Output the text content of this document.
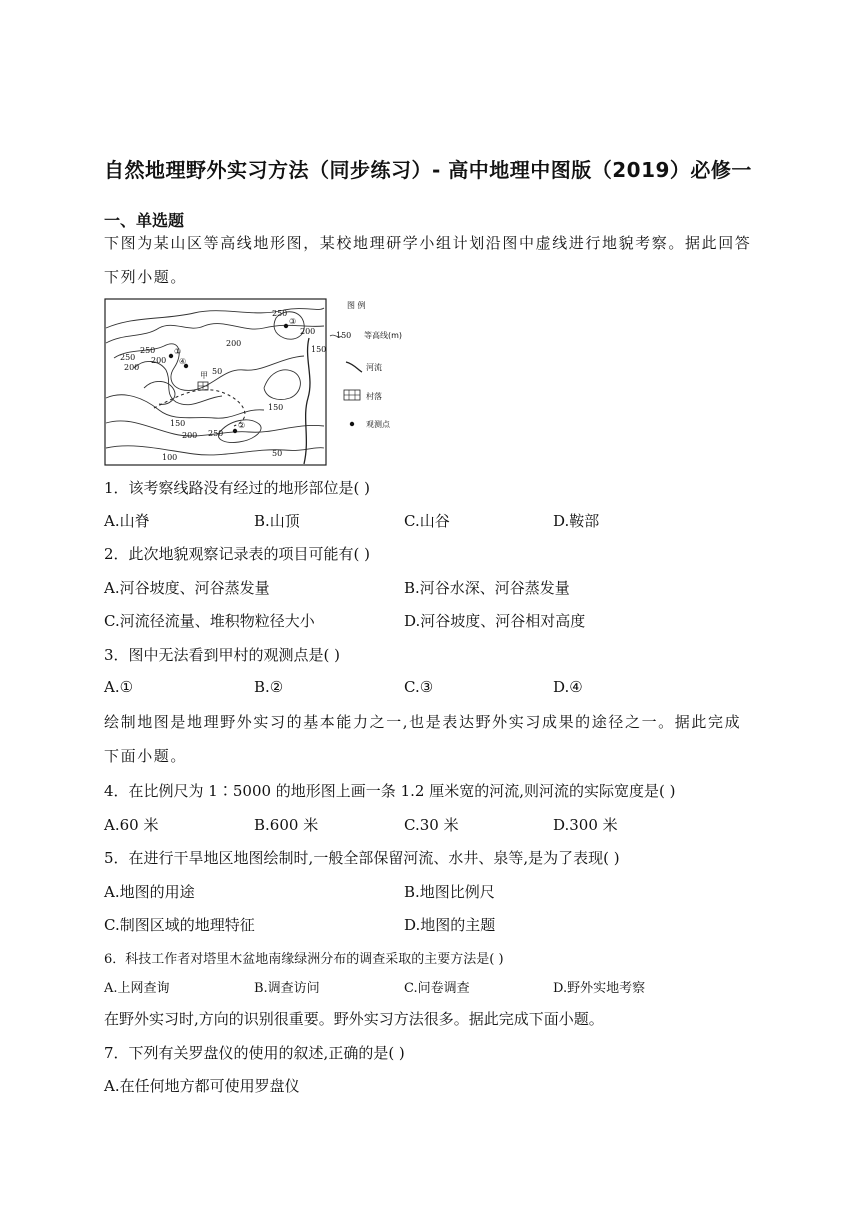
自然地理野外实习方法（同步练习）- 高中地理中图版（2019）必修一
一、单选题
下图为某山区等高线地形图，某校地理研学小组计划沿图中虚线进行地貌考察。据此回答下列小题。
①
②
③
④
甲
250
250
200
200
200
250
200
150
150
50
150
200 250
100	50
图 例
150 等高线(m)
河流
村落
观测点
1．该考察线路没有经过的地形部位是( )
A.山脊	B.山顶	C.山谷	D.鞍部
2．此次地貌观察记录表的项目可能有( )
A.河谷坡度、河谷蒸发量	B.河谷水深、河谷蒸发量
C.河流径流量、堆积物粒径大小	D.河谷坡度、河谷相对高度
3．图中无法看到甲村的观测点是( )
A.①	B.②	C.③	D.④
绘制地图是地理野外实习的基本能力之一,也是表达野外实习成果的途径之一。据此完成下面小题。
4．在比例尺为 1∶5000 的地形图上画一条 1.2 厘米宽的河流,则河流的实际宽度是( )
A.60 米	B.600 米	C.30 米	D.300 米
5．在进行干旱地区地图绘制时,一般全部保留河流、水井、泉等,是为了表现( )
A.地图的用途	B.地图比例尺
C.制图区域的地理特征	D.地图的主题
6．科技工作者对塔里木盆地南缘绿洲分布的调查采取的主要方法是( )
A.上网查询	B.调查访问	C.问卷调查	D.野外实地考察
在野外实习时,方向的识别很重要。野外实习方法很多。据此完成下面小题。
7．下列有关罗盘仪的使用的叙述,正确的是( )
A.在任何地方都可使用罗盘仪
